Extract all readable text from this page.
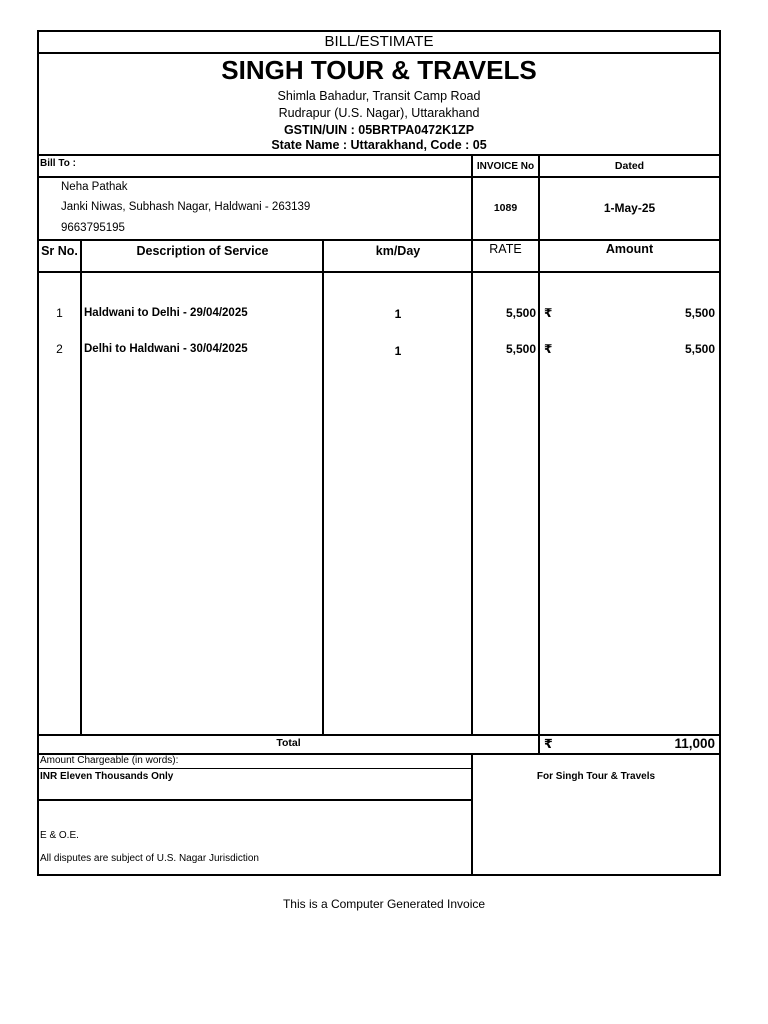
BILL/ESTIMATE
SINGH TOUR & TRAVELS
Shimla Bahadur, Transit Camp Road
Rudrapur (U.S. Nagar), Uttarakhand
GSTIN/UIN : 05BRTPA0472K1ZP
State Name : Uttarakhand, Code : 05
Bill To :	INVOICE No	Dated
Neha Pathak
Janki Niwas, Subhash Nagar, Haldwani - 263139
9663795195
1089	1-May-25
Sr No.	Description of Service	km/Day	RATE	Amount
1	Haldwani to Delhi - 29/04/2025	1	5,500 ₹	5,500
2	Delhi to Haldwani - 30/04/2025	1	5,500 ₹	5,500
Total	₹	11,000
Amount Chargeable (in words):
INR Eleven Thousands Only	For Singh Tour & Travels
E & O.E.
All disputes are subject of U.S. Nagar Jurisdiction
This is a Computer Generated Invoice
